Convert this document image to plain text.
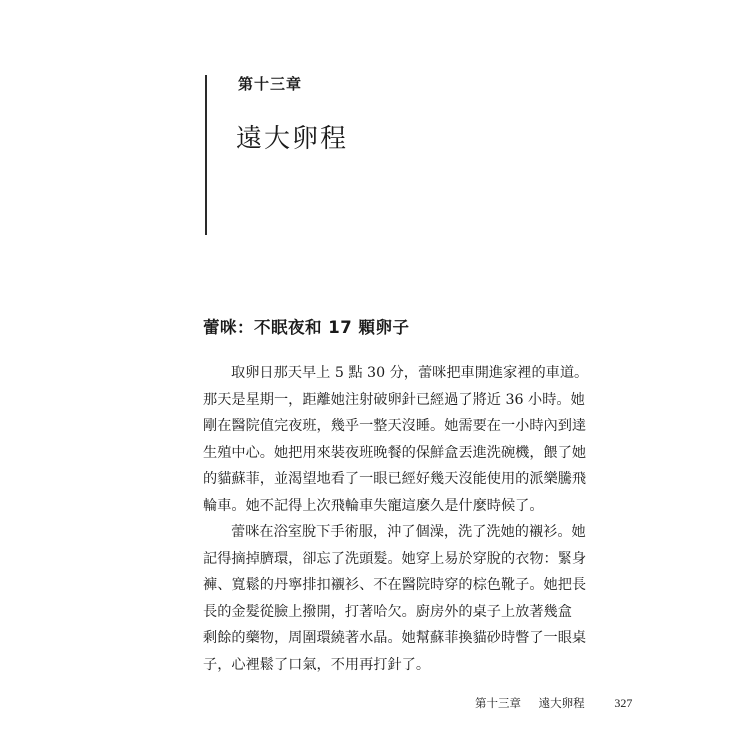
第十三章
遠大卵程
蕾咪：不眠夜和 17 顆卵子

取卵日那天早上 5 點 30 分，蕾咪把車開進家裡的車道。
那天是星期一，距離她注射破卵針已經過了將近 36 小時。她
剛在醫院值完夜班，幾乎一整天沒睡。她需要在一小時內到達
生殖中心。她把用來裝夜班晚餐的保鮮盒丟進洗碗機，餵了她
的貓蘇菲，並渴望地看了一眼已經好幾天沒能使用的派樂騰飛
輪車。她不記得上次飛輪車失寵這麼久是什麼時候了。

蕾咪在浴室脫下手術服，沖了個澡，洗了洗她的襯衫。她
記得摘掉臍環，卻忘了洗頭髮。她穿上易於穿脫的衣物：緊身
褲、寬鬆的丹寧排扣襯衫、不在醫院時穿的棕色靴子。她把長
長的金髮從臉上撥開，打著哈欠。廚房外的桌子上放著幾盒
剩餘的藥物，周圍環繞著水晶。她幫蘇菲換貓砂時瞥了一眼桌
子，心裡鬆了口氣，不用再打針了。

第十三章 遠大卵程 327
